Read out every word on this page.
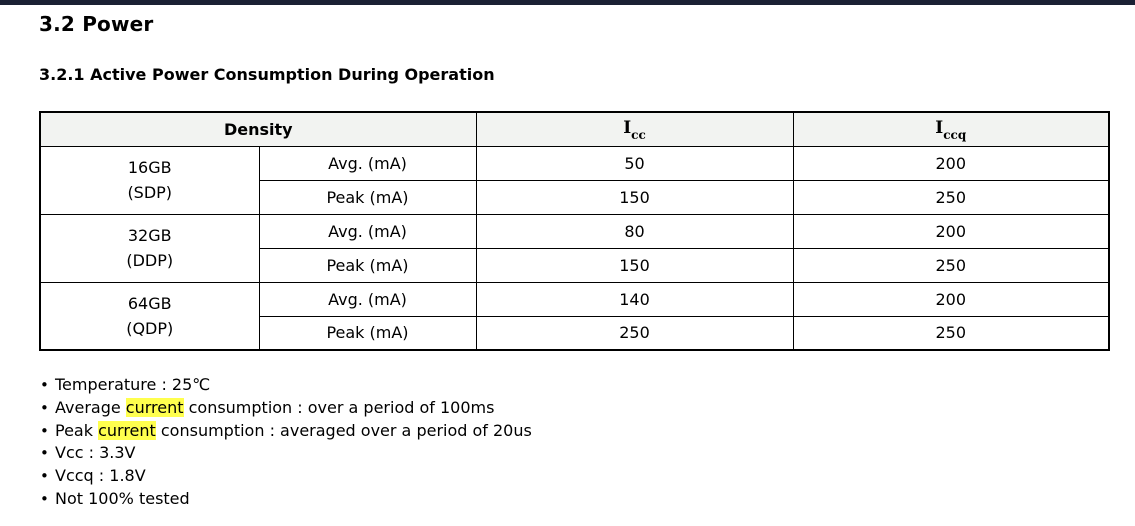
3.2 Power
3.2.1 Active Power Consumption During Operation
Density		$I_{cc}$	$I_{ccq}$

16GB
(SDP)	Avg. (mA)	50	200
	Peak (mA)	150	250

32GB
(DDP)	Avg. (mA)	80	200
	Peak (mA)	150	250

64GB
(QDP)	Avg. (mA)	140	200
	Peak (mA)	250	250
• Temperature : 25℃
• Average current consumption : over a period of 100ms
• Peak current consumption : averaged over a period of 20us
• Vcc : 3.3V
• Vccq : 1.8V
• Not 100% tested
